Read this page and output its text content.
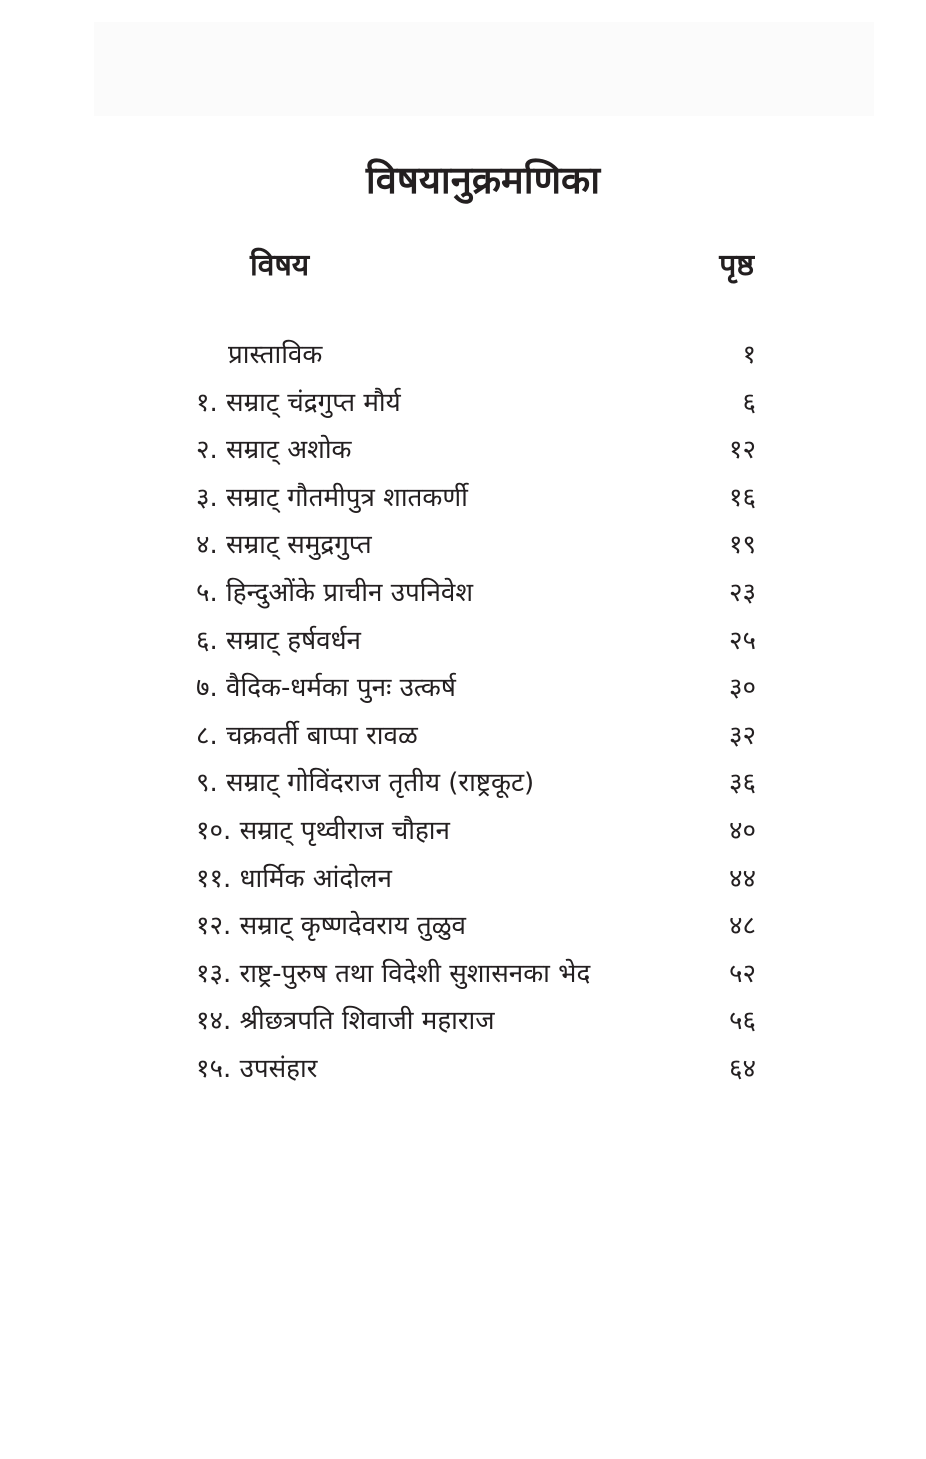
विषयानुक्रमणिका
विषय	पृष्ठ
प्रास्ताविक	१
१. सम्राट् चंद्रगुप्त मौर्य	६
२. सम्राट् अशोक	१२
३. सम्राट् गौतमीपुत्र शातकर्णी	१६
४. सम्राट् समुद्रगुप्त	१९
५. हिन्दुओंके प्राचीन उपनिवेश	२३
६. सम्राट् हर्षवर्धन	२५
७. वैदिक-धर्मका पुनः उत्कर्ष	३०
८. चक्रवर्ती बाप्पा रावळ	३२
९. सम्राट् गोविंदराज तृतीय (राष्ट्रकूट)	३६
१०. सम्राट् पृथ्वीराज चौहान	४०
११. धार्मिक आंदोलन	४४
१२. सम्राट् कृष्णदेवराय तुळुव	४८
१३. राष्ट्र-पुरुष तथा विदेशी सुशासनका भेद	५२
१४. श्रीछत्रपति शिवाजी महाराज	५६
१५. उपसंहार	६४
